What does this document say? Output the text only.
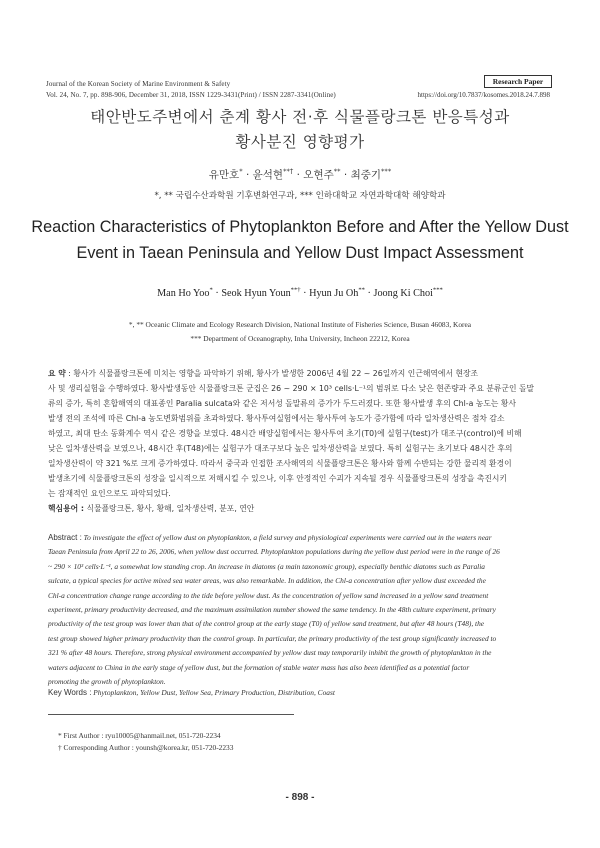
Journal of the Korean Society of Marine Environment & Safety
Vol. 24, No. 7, pp. 898-906, December 31, 2018, ISSN 1229-3431(Print) / ISSN 2287-3341(Online)
Research Paper
https://doi.org/10.7837/kosomes.2018.24.7.898
태안반도주변에서 춘계 황사 전·후 식물플랑크톤 반응특성과
황사분진 영향평가
유만호* · 윤석현**† · 오현주** · 최중기***
*, ** 국립수산과학원 기후변화연구과, *** 인하대학교 자연과학대학 해양학과
Reaction Characteristics of Phytoplankton Before and After the Yellow Dust
Event in Taean Peninsula and Yellow Dust Impact Assessment
Man Ho Yoo* · Seok Hyun Youn**† · Hyun Ju Oh** · Joong Ki Choi***
*, ** Oceanic Climate and Ecology Research Division, National Institute of Fisheries Science, Busan 46083, Korea
*** Department of Oceanography, Inha University, Incheon 22212, Korea
요 약 : 황사가 식물플랑크톤에 미치는 영향을 파악하기 위해, 황사가 발생한 2006년 4월 22 ~ 26일까지 인근해역에서 현장조
사 및 생리실험을 수행하였다. 황사발생동안 식물플랑크톤 군집은 26 ~ 290 × 10³ cells·L⁻¹의 범위로 다소 낮은 현존량과 주요 분류군인 돌말
류의 증가, 특히 혼합해역의 대표종인 Paralia sulcata와 같은 저서성 돌말류의 증가가 두드러졌다. 또한 황사발생 후의 Chl-a 농도는 황사
발생 전의 조석에 따른 Chl-a 농도변화범위를 초과하였다. 황사투여실험에서는 황사투여 농도가 증가함에 따라 일차생산력은 점차 감소
하였고, 최대 탄소 동화계수 역시 같은 경향을 보였다. 48시간 배양실험에서는 황사투여 초기(T0)에 실험구(test)가 대조구(control)에 비해
낮은 일차생산력을 보였으나, 48시간 후(T48)에는 실험구가 대조구보다 높은 일차생산력을 보였다. 특히 실험구는 초기보다 48시간 후의
일차생산력이 약 321 %로 크게 증가하였다. 따라서 중국과 인접한 조사해역의 식물플랑크톤은 황사와 함께 수반되는 강한 물리적 환경이
발생초기에 식물플랑크톤의 성장을 일시적으로 저해시킬 수 있으나, 이후 안정적인 수괴가 지속될 경우 식물플랑크톤의 성장을 촉진시키
는 잠재적인 요인으로도 파악되었다.
핵심용어 : 식물플랑크톤, 황사, 황해, 일차생산력, 분포, 연안
Abstract : To investigate the effect of yellow dust on phytoplankton, a field survey and physiological experiments were carried out in the waters near
Taean Peninsula from April 22 to 26, 2006, when yellow dust occurred. Phytoplankton populations during the yellow dust period were in the range of 26
~ 290 × 10³ cells·L⁻¹, a somewhat low standing crop. An increase in diatoms (a main taxonomic group), especially benthic diatoms such as Paralia
sulcate, a typical species for active mixed sea water areas, was also remarkable. In addition, the Chl-a concentration after yellow dust exceeded the
Chl-a concentration change range according to the tide before yellow dust. As the concentration of yellow sand increased in a yellow sand treatment
experiment, primary productivity decreased, and the maximum assimilation number showed the same tendency. In the 48th culture experiment, primary
productivity of the test group was lower than that of the control group at the early stage (T0) of yellow sand treatment, but after 48 hours (T48), the
test group showed higher primary productivity than the control group. In particular, the primary productivity of the test group significantly increased to
321 % after 48 hours. Therefore, strong physical environment accompanied by yellow dust may temporarily inhibit the growth of phytoplankton in the
waters adjacent to China in the early stage of yellow dust, but the formation of stable water mass has also been identified as a potential factor
promoting the growth of phytoplankton.
Key Words : Phytoplankton, Yellow Dust, Yellow Sea, Primary Production, Distribution, Coast
* First Author : ryu10005@hanmail.net, 051-720-2234
† Corresponding Author : younsh@korea.kr, 051-720-2233
- 898 -
